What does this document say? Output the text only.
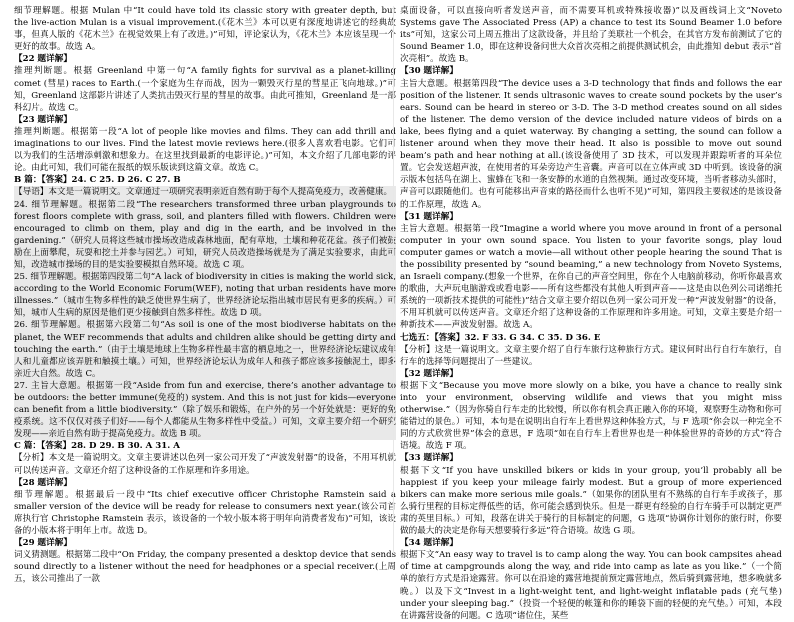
细节理解题。根据 Mulan 中“It could have told its classic story with greater depth, but the live-action Mulan is a visual improvement.(《花木兰》本可以更有深度地讲述它的经典故事，但真人版的《花木兰》在视觉效果上有了改进。)”可知，评论家认为，《花木兰》本应该呈现一个更好的故事。故选 A。

【22 题详解】

推理判断题。根据 Greenland 中第一句“A family fights for survival as a planet-killing comet (彗星) races to Earth.(一个家庭为生存而战，因为一颗毁灭行星的彗星正飞向地球。)”可知，Greenland 这部影片讲述了人类抗击毁灭行星的彗星的故事。由此可推知，Greenland 是一部科幻片。故选 C。

【23 题详解】

推理判断题。根据第一段“A lot of people like movies and films. They can add thrill and imaginations to our lives. Find the latest movie reviews here.(很多人喜欢看电影。它们可以为我们的生活增添刺激和想象力。在这里找到最新的电影评论。)”可知，本文介绍了几部电影的评论。由此可知，我们可能在报纸的娱乐版读到这篇文章。故选 C。

B 篇：【答案】24. C 25. D 26. C 27. B

【导语】本文是一篇说明文。文章通过一项研究表明亲近自然有助于每个人提高免疫力，改善健康。

24. 细节理解题。根据第二段“The researchers transformed three urban playgrounds to forest floors complete with grass, soil, and planters filled with flowers. Children were encouraged to climb on them, play and dig in the earth, and be involved in the gardening.”（研究人员将这些城市操场改造成森林地面，配有草地，土壤和种花花盆。孩子们被鼓励在上面攀爬，玩耍和挖土并参与园艺。）可知，研究人员改造操场就是为了满足实验要求，由此可知，改造城市操场的目的是实验要模拟自然环境。故选 C 项。

25. 细节理解题。根据第四段第二句“A lack of biodiversity in cities is making the world sick, according to the World Economic Forum(WEF), noting that urban residents have more illnesses.”（城市生物多样性的缺乏使世界生病了，世界经济论坛指出城市居民有更多的疾病。）可知，城市人生病的原因是他们更少接触到自然多样性。故选 D 项。

26. 细节理解题。根据第六段第二句“As soil is one of the most biodiverse habitats on the planet, the WEF recommends that adults and children alike should be getting dirty and touching the earth.”（由于土壤是地球上生物多样性最丰富的栖息地之一，世界经济论坛建议成年人和儿童都应该弄脏和触摸土壤。）可知，世界经济论坛认为成年人和孩子都应该多接触泥土，即多亲近大自然。故选 C。

27. 主旨大意题。根据第一段“Aside from fun and exercise, there’s another advantage to be outdoors: the better immune(免疫的) system. And this is not just for kids—everyone can benefit from a little biodiversity.”（除了娱乐和锻炼，在户外的另一个好处就是：更好的免疫系统。这不仅仅对孩子们好——每个人都能从生物多样性中受益。）可知，文章主要介绍一个研究发现——亲近自然有助于提高免疫力。故选 B 项。

C 篇：【答案】28. D 29. B 30. A 31. A

【分析】本文是一篇说明文。文章主要讲述以色列一家公司开发了“声波发射器”的设备，不用耳机就可以传送声音。文章还介绍了这种设备的工作原理和许多用途。

【28 题详解】

细节理解题。根据最后一段中“Its chief executive officer Christophe Ramstein said a smaller version of the device will be ready for release to consumers next year.(该公司首席执行官 Christophe Ramstein 表示，该设备的一个较小版本将于明年向消费者发布)”可知，该设备的小版本将于明年上市。故选 D。

【29 题详解】

词义猜测题。根据第二段中“On Friday, the company presented a desktop device that sends sound directly to a listener without the need for headphones or a special receiver.(上周五，该公司推出了一款

桌面设备，可以直接向听者发送声音，而不需要耳机或特殊接收器)”以及画线词上文“Noveto Systems gave The Associated Press (AP) a chance to test its Sound Beamer 1.0 before its”可知，这家公司上周五推出了这款设备，并且给了美联社一个机会，在其官方发布前测试了它的 Sound Beamer 1.0，即在这种设备问世大众首次亮相之前提供测试机会，由此推知 debut 表示“首次亮相”。故选 B。

【30 题详解】

主旨大意题。根据第四段“The device uses a 3-D technology that finds and follows the ear position of the listener. It sends ultrasonic waves to create sound pockets by the user’s ears. Sound can be heard in stereo or 3-D. The 3-D method creates sound on all sides of the listener. The demo version of the device included nature videos of birds on a lake, bees flying and a quiet waterway. By changing a setting, the sound can follow a listener around when they move their head. It also is possible to move out sound beam’s path and hear nothing at all.(该设备使用了 3D 技术，可以发现并跟踪听者的耳朵位置。它会发送超声波，在使用者的耳朵旁边产生音囊。声音可以在立体声或 3D 中听到。该设备的演示版本包括鸟在湖上、蜜蜂在飞和一条安静的水道的自然视频。通过改变环境，当听者移动头部时，声音可以跟随他们。也有可能移出声音束的路径而什么也听不见)”可知，第四段主要叙述的是该设备的工作原理，故选 A。

【31 题详解】

主旨大意题。根据第一段“Imagine a world where you move around in front of a personal computer in your own sound space. You listen to your favorite songs, play loud computer games or watch a movie—all without other people hearing the sound That is the possibility presented by “sound beaming,” a new technology from Noveto Systems, an Israeli company.(想象一个世界，在你自己的声音空间里，你在个人电脑前移动，你听你最喜欢的歌曲，大声玩电脑游戏或看电影——所有这些都没有其他人听到声音——这是由以色列公司诺维托系统的一项新技术提供的可能性)”结合文章主要介绍以色列一家公司开发一种“声波发射器”的设备，不用耳机就可以传送声音。文章还介绍了这种设备的工作原理和许多用途。可知，文章主要是介绍一种新技术——声波发射器。故选 A。

七选五：【答案】32. F 33. G 34. C 35. D 36. E

【分析】这是一篇说明文。文章主要介绍了自行车旅行这种旅行方式。建议何时出行自行车旅行，自行车的选择等问题提出了一些建议。

【32 题详解】

根据下文“Because you move more slowly on a bike, you have a chance to really sink into your environment, observing wildlife and views that you might miss otherwise.”（因为你骑自行车走的比较慢，所以你有机会真正融入你的环境，观察野生动物和你可能错过的景色。）可知，本句是在说明出自行车上看世界这种体验方式，与 F 选项“你会以一种完全不同的方式欣赏世界”体会的意思，F 选项“如在自行车上看世界也是一种体验世界的奇妙的方式”符合语境。故选 F 项。

【33 题详解】

根据下文“If you have unskilled bikers or kids in your group, you’ll probably all be happiest if you keep your mileage fairly modest. But a group of more experienced bikers can make more serious mile goals.”（如果你的团队里有不熟练的自行车手或孩子，那么骑行里程的目标定得低些的话，你可能会感到快乐。但是一群更有经验的自行车骑手可以制定更严肃的英里目标。）可知，段落在讲关于骑行的目标制定的问题，G 选项“协调你计划你的旅行时，你要做的最大的决定是你每天想要骑行多远”符合语境。故选 G 项。

【34 题详解】

根据下文“An easy way to travel is to camp along the way. You can book campsites ahead of time at campgrounds along the way, and ride into camp as late as you like.”（一个简单的旅行方式是沿途露营。你可以在沿途的露营地提前预定露营地点，然后骑到露营地，想多晚就多晚。）以及下文“Invest in a light-weight tent, and light-weight inflatable pads (充气垫) under your sleeping bag.”（投资一个轻便的帐篷和你的睡袋下面的轻便的充气垫。）可知，本段在讲露营设备的问题。C 选项“诸位住，某些
